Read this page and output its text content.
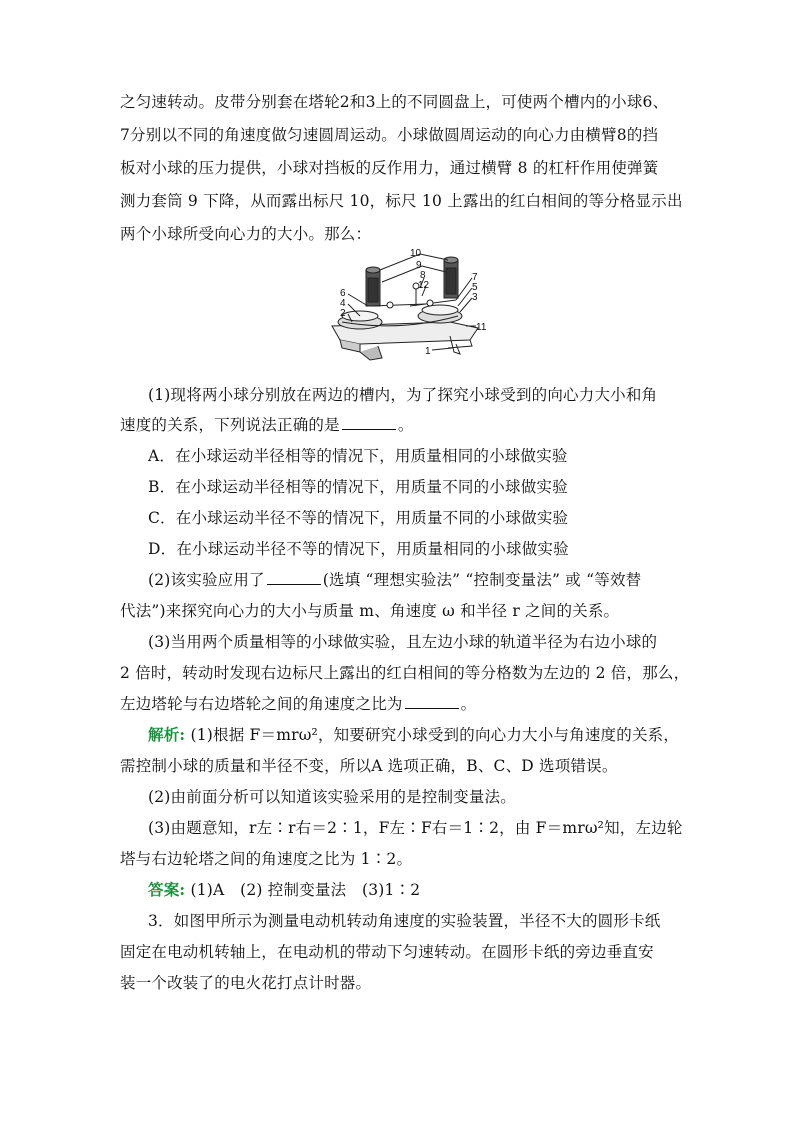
之匀速转动。皮带分别套在塔轮2和3上的不同圆盘上，可使两个槽内的小球6、
7分别以不同的角速度做匀速圆周运动。小球做圆周运动的向心力由横臂8的挡
板对小球的压力提供，小球对挡板的反作用力，通过横臂 8 的杠杆作用使弹簧
测力套筒 9 下降，从而露出标尺 10，标尺 10 上露出的红白相间的等分格显示出
两个小球所受向心力的大小。那么：
10
9
8
12
7
5
3
6
4
2
11
1
(1)现将两小球分别放在两边的槽内，为了探究小球受到的向心力大小和角
速度的关系，下列说法正确的是	。
A．在小球运动半径相等的情况下，用质量相同的小球做实验
B．在小球运动半径相等的情况下，用质量不同的小球做实验
C．在小球运动半径不等的情况下，用质量不同的小球做实验
D．在小球运动半径不等的情况下，用质量相同的小球做实验
(2)该实验应用了	(选填 “理想实验法” “控制变量法” 或 “等效替
代法”)来探究向心力的大小与质量 m、角速度 ω 和半径 r 之间的关系。
(3)当用两个质量相等的小球做实验，且左边小球的轨道半径为右边小球的
2 倍时，转动时发现右边标尺上露出的红白相间的等分格数为左边的 2 倍，那么，
左边塔轮与右边塔轮之间的角速度之比为	。
解析: (1)根据 F＝mrω²，知要研究小球受到的向心力大小与角速度的关系，
需控制小球的质量和半径不变，所以A 选项正确，B、C、D 选项错误。
(2)由前面分析可以知道该实验采用的是控制变量法。
(3)由题意知，r左∶r右＝2∶1，F左∶F右＝1∶2，由 F＝mrω²知，左边轮
塔与右边轮塔之间的角速度之比为 1∶2。
答案: (1)A　(2) 控制变量法　(3)1∶2
3．如图甲所示为测量电动机转动角速度的实验装置，半径不大的圆形卡纸
固定在电动机转轴上，在电动机的带动下匀速转动。在圆形卡纸的旁边垂直安
装一个改装了的电火花打点计时器。
